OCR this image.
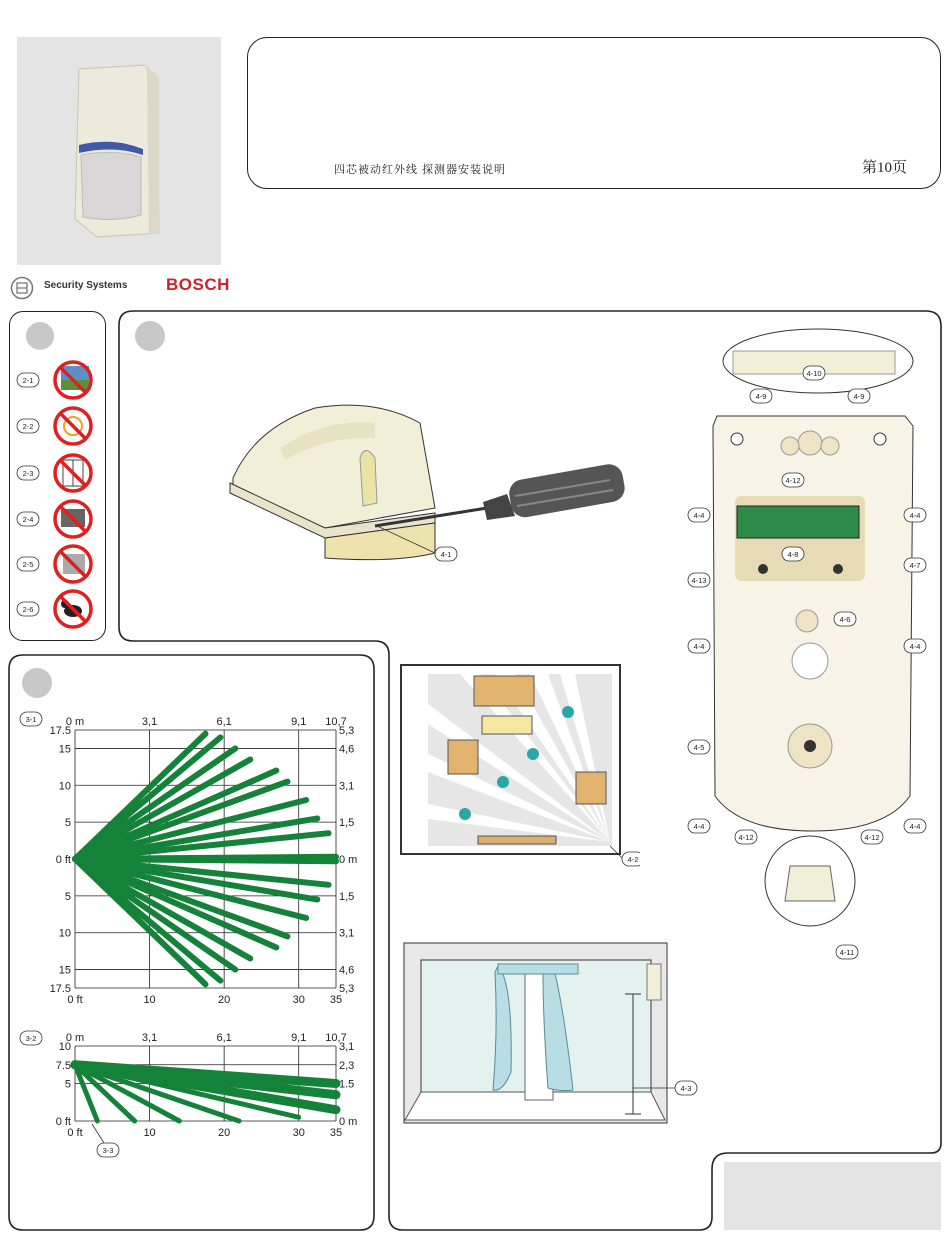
Security Systems BOSCH
四芯被动红外线 探测器安装说明	第10页
2-1
2-2
2-3
2-4
2-5
2-6
4-1
4-10
4-9	4-9
4-12
4-4	4-4
4-13
4-7
4-8
4-6
4-4	4-4
4-5
4-4
4-12	4-12
4-4
4-11
4-2
4-3
0 m	3,1	6,1	9,1 10,7
0 ft	10	20	30 35
17.5
15
10
5
0 ft
5
10
15
17.5
5,3
4,6
3,1
1,5
0 m
1,5
3,1
4,6
5,3
3-1
0 m	3,1	6,1	9,1 10,7
0 ft	10	20	30 35
10
7.5
5
0 ft
3,1
2,3
1.5
0 m
3-2
3-3
